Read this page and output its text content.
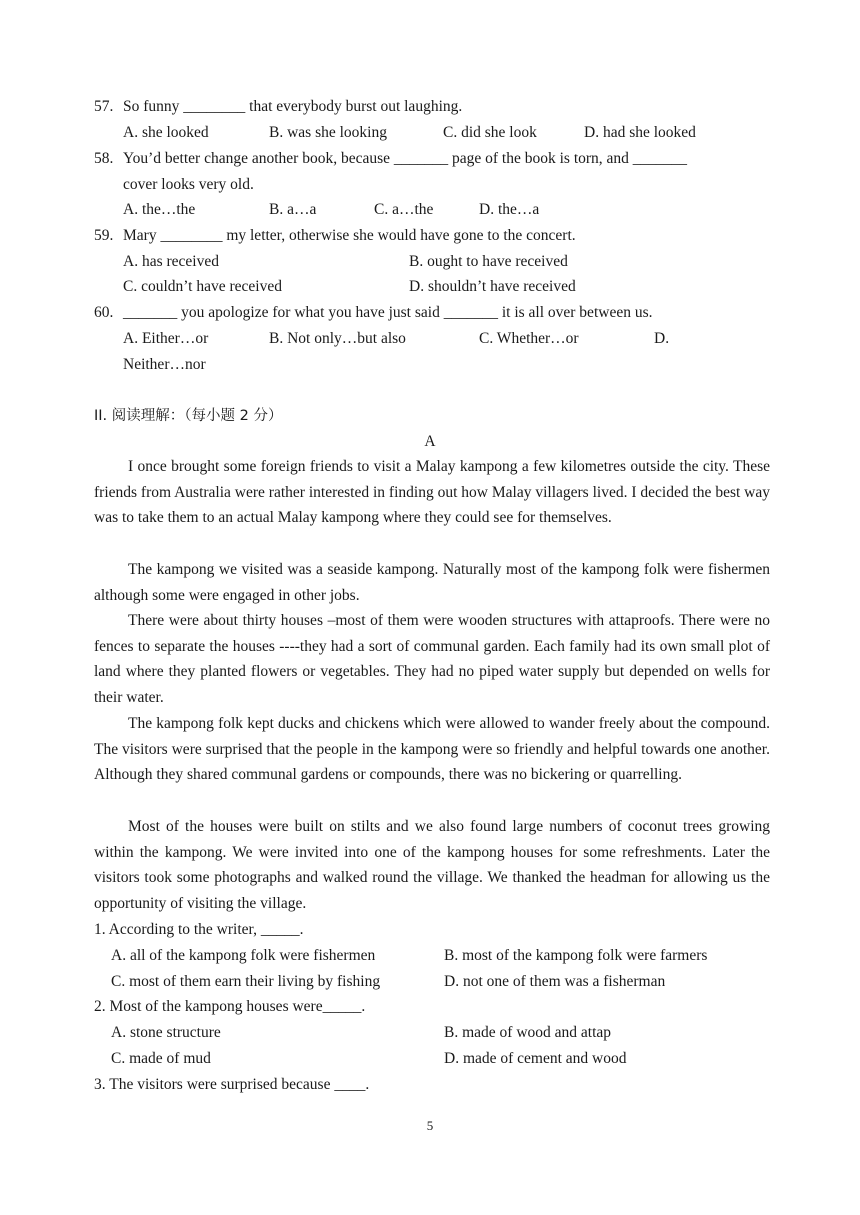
57. So funny ________ that everybody burst out laughing.
A. she looked	B. was she looking	C. did she look	D. had she looked
58. You’d better change another book, because _______ page of the book is torn, and _______
cover looks very old.
A. the…the	B. a…a	C. a…the	D. the…a
59. Mary ________ my letter, otherwise she would have gone to the concert.
A. has received	B. ought to have received
C. couldn’t have received	D. shouldn’t have received
60. _______ you apologize for what you have just said _______ it is all over between us.
A. Either…or	B. Not only…but also	C. Whether…or	D.
Neither…nor
II. 阅读理解：（每小题 2 分）
A

I once brought some foreign friends to visit a Malay kampong a few kilometres outside the city. These friends from Australia were rather interested in finding out how Malay villagers lived. I decided the best way was to take them to an actual Malay kampong where they could see for themselves.

The kampong we visited was a seaside kampong. Naturally most of the kampong folk were fishermen although some were engaged in other jobs.

There were about thirty houses –most of them were wooden structures with attaproofs. There were no fences to separate the houses ----they had a sort of communal garden. Each family had its own small plot of land where they planted flowers or vegetables. They had no piped water supply but depended on wells for their water.

The kampong folk kept ducks and chickens which were allowed to wander freely about the compound. The visitors were surprised that the people in the kampong were so friendly and helpful towards one another. Although they shared communal gardens or compounds, there was no bickering or quarrelling.

Most of the houses were built on stilts and we also found large numbers of coconut trees growing within the kampong. We were invited into one of the kampong houses for some refreshments. Later the visitors took some photographs and walked round the village. We thanked the headman for allowing us the opportunity of visiting the village.

1. According to the writer, _____.
A. all of the kampong folk were fishermen	B. most of the kampong folk were farmers
C. most of them earn their living by fishing	D. not one of them was a fisherman
2. Most of the kampong houses were_____.
A. stone structure	B. made of wood and attap
C. made of mud	D. made of cement and wood
3. The visitors were surprised because ____.
5
